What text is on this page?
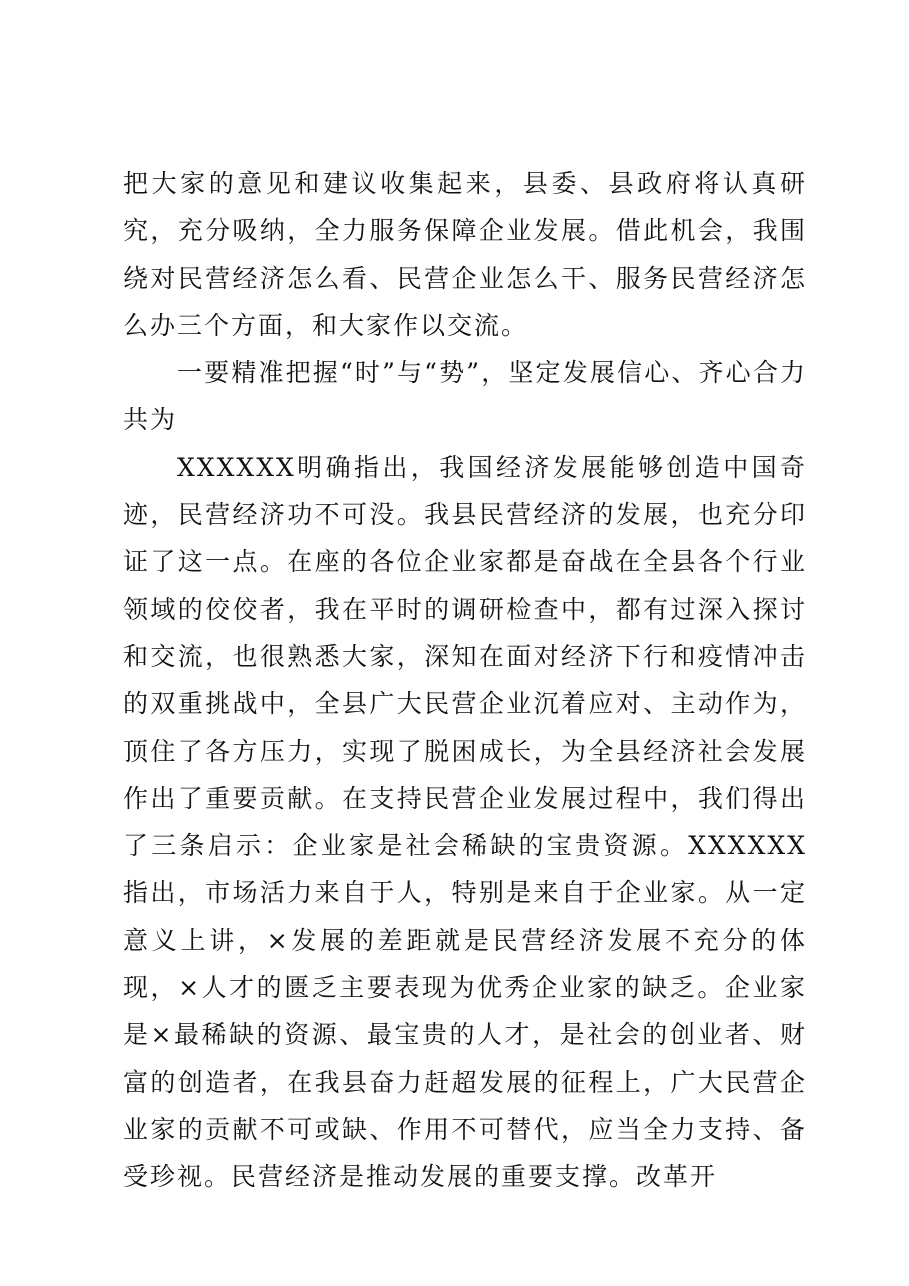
把大家的意见和建议收集起来，县委、县政府将认真研究，充分吸纳，全力服务保障企业发展。借此机会，我围绕对民营经济怎么看、民营企业怎么干、服务民营经济怎么办三个方面，和大家作以交流。

一要精准把握“时”与“势”，坚定发展信心、齐心合力共为

XXXXXX明确指出，我国经济发展能够创造中国奇迹，民营经济功不可没。我县民营经济的发展，也充分印证了这一点。在座的各位企业家都是奋战在全县各个行业领域的佼佼者，我在平时的调研检查中，都有过深入探讨和交流，也很熟悉大家，深知在面对经济下行和疫情冲击的双重挑战中，全县广大民营企业沉着应对、主动作为，顶住了各方压力，实现了脱困成长，为全县经济社会发展作出了重要贡献。在支持民营企业发展过程中，我们得出了三条启示：企业家是社会稀缺的宝贵资源。XXXXXX指出，市场活力来自于人，特别是来自于企业家。从一定意义上讲，×发展的差距就是民营经济发展不充分的体现，×人才的匮乏主要表现为优秀企业家的缺乏。企业家是×最稀缺的资源、最宝贵的人才，是社会的创业者、财富的创造者，在我县奋力赶超发展的征程上，广大民营企业家的贡献不可或缺、作用不可替代，应当全力支持、备受珍视。民营经济是推动发展的重要支撑。改革开
